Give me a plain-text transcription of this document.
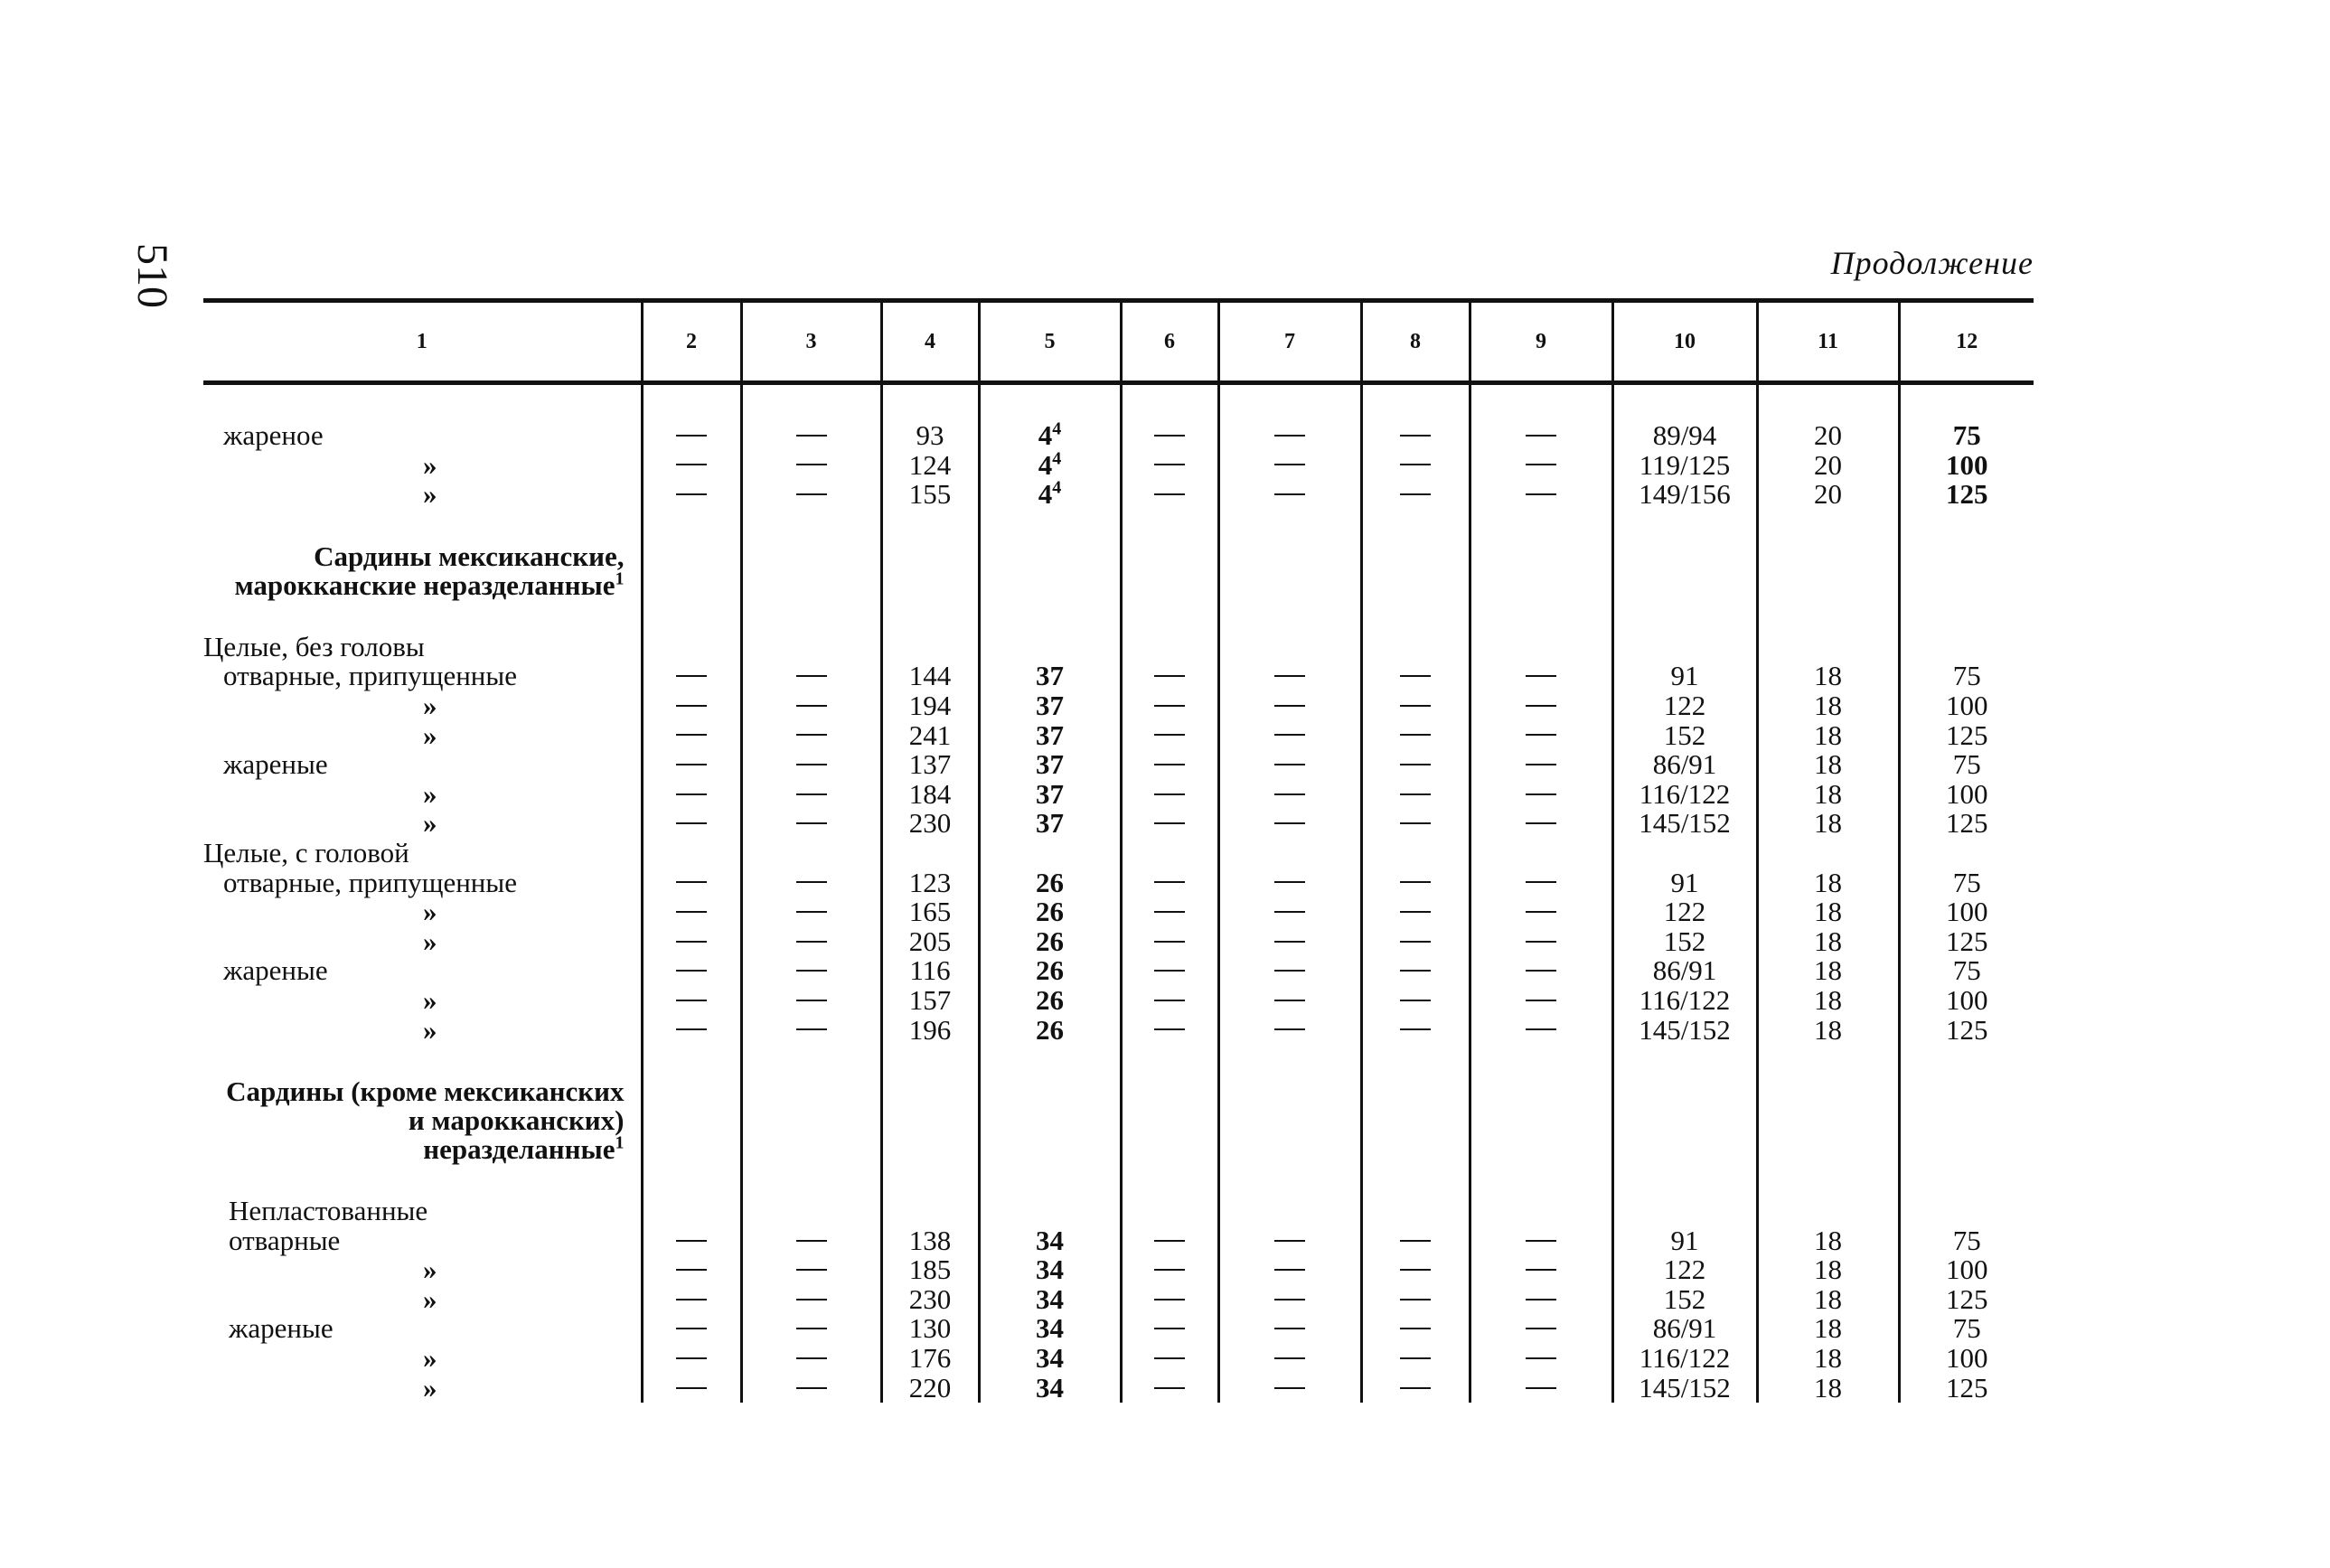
510	Продолжение
1	2	3	4	5	6	7	8	9	10	11	12

жареное			93	$4^4$					89/94	20	75

»			124	$4^4$					119/125	20	100

»			155	$4^4$					149/156	20	125

Сардины мексиканские, марокканские неразделанные$^1$

Целые, без головы											

отварные, припущенные			144	37					91	18	75

»			194	37					122	18	100

»			241	37					152	18	125

жареные			137	37					86/91	18	75

»			184	37					116/122	18	100

»			230	37					145/152	18	125

Целые, с головой											

отварные, припущенные			123	26					91	18	75

»			165	26					122	18	100

»			205	26					152	18	125

жареные			116	26					86/91	18	75

»			157	26					116/122	18	100

»			196	26					145/152	18	125

Сардины (кроме мексиканских и марокканских) неразделанные$^1$

Непластованные											

отварные			138	34					91	18	75

»			185	34					122	18	100

»			230	34					152	18	125

жареные			130	34					86/91	18	75

»			176	34					116/122	18	100

»			220	34					145/152	18	125
